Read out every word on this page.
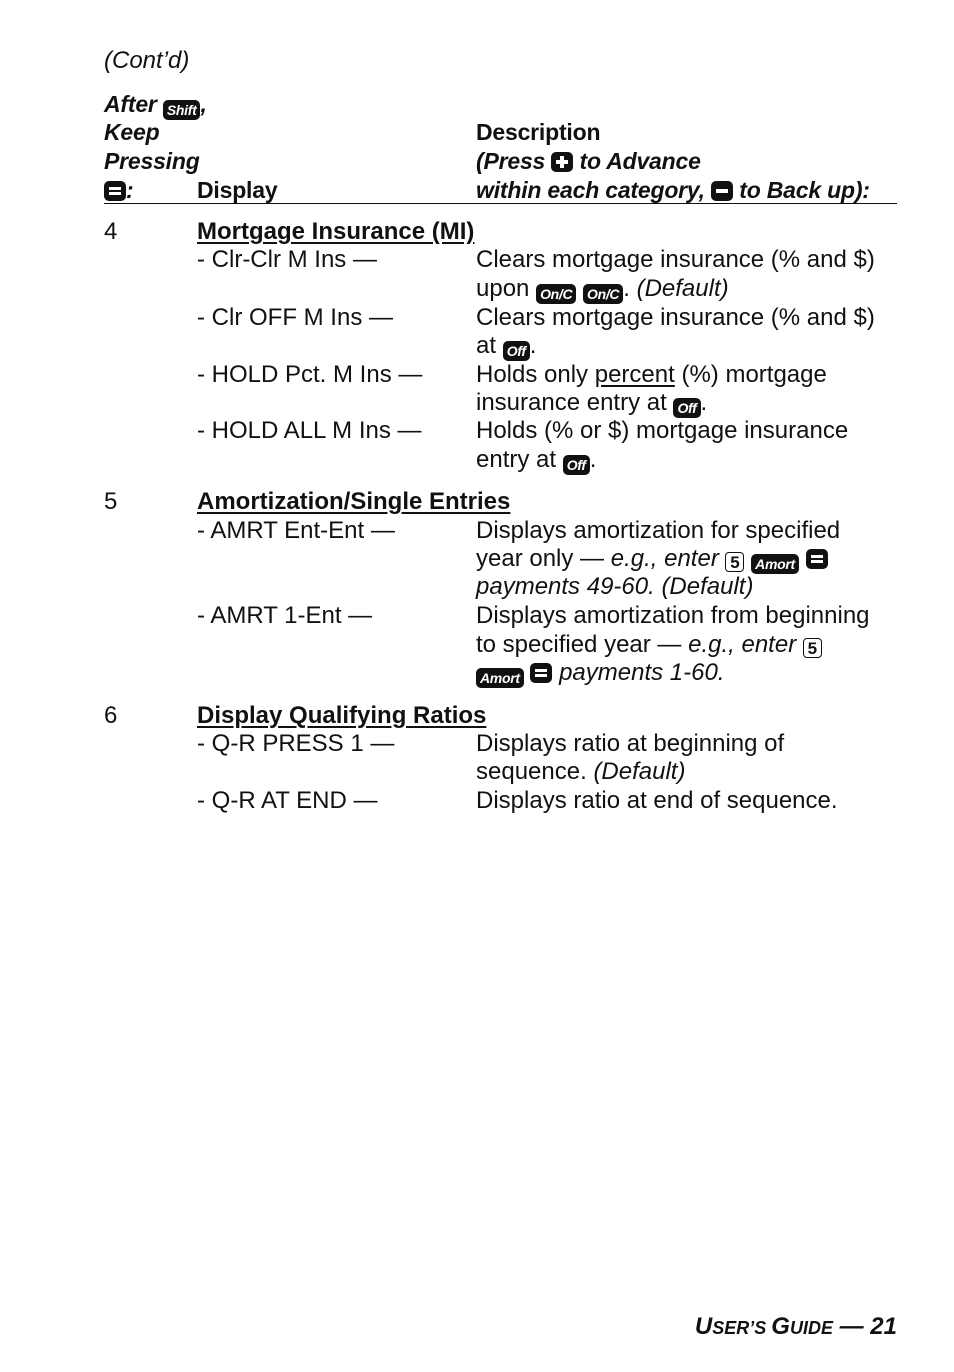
(Cont’d)
After Shift ,
Keep
Pressing
:	Display
Description
(Press to Advance
within each category, to Back up):
4	Mortgage Insurance (MI)
- Clr-Clr M Ins —	Clears mortgage insurance (% and $)
upon On/C On/C . (Default)
- Clr OFF M Ins —	Clears mortgage insurance (% and $)
at Off .
- HOLD Pct. M Ins — Holds only percent (%) mortgage
insurance entry at Off .
- HOLD ALL M Ins — Holds (% or $) mortgage insurance
entry at Off .
5	Amortization/Single Entries
- AMRT Ent-Ent —	Displays amortization for specified
year only — e.g., enter 5 Amort
payments 49-60. (Default)
- AMRT 1-Ent —	Displays amortization from beginning
to specified year — e.g., enter 5
Amort payments 1-60.
6	Display Qualifying Ratios
- Q-R PRESS 1 —	Displays ratio at beginning of
sequence. (Default)
- Q-R AT END —	Displays ratio at end of sequence.
USER’S GUIDE — 21
